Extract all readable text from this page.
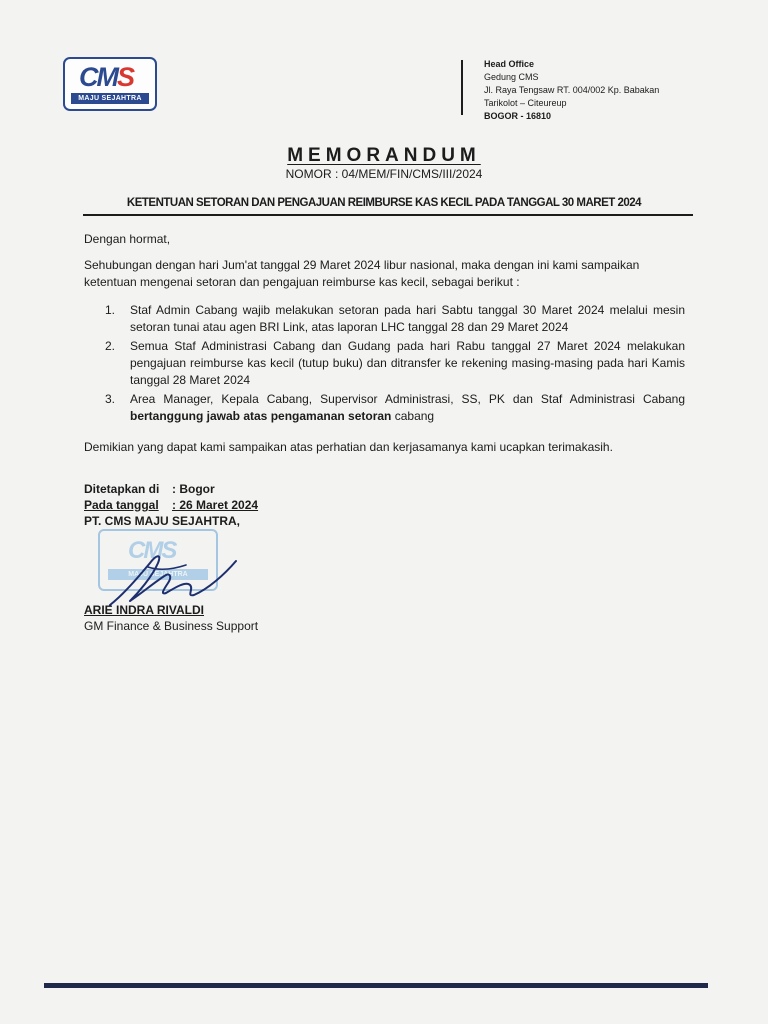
CMS
MAJU SEJAHTRA
Head Office
Gedung CMS
Jl. Raya Tengsaw RT. 004/002 Kp. Babakan
Tarikolot – Citeureup
BOGOR - 16810
MEMORANDUM
NOMOR : 04/MEM/FIN/CMS/III/2024
KETENTUAN SETORAN DAN PENGAJUAN REIMBURSE KAS KECIL PADA TANGGAL 30 MARET 2024
Dengan hormat,
Sehubungan dengan hari Jum'at tanggal 29 Maret 2024 libur nasional, maka dengan ini kami sampaikan ketentuan mengenai setoran dan pengajuan reimburse kas kecil, sebagai berikut :
1. Staf Admin Cabang wajib melakukan setoran pada hari Sabtu tanggal 30 Maret 2024 melalui mesin setoran tunai atau agen BRI Link, atas laporan LHC tanggal 28 dan 29 Maret 2024
2. Semua Staf Administrasi Cabang dan Gudang pada hari Rabu tanggal 27 Maret 2024 melakukan pengajuan reimburse kas kecil (tutup buku) dan ditransfer ke rekening masing-masing pada hari Kamis tanggal 28 Maret 2024
3. Area Manager, Kepala Cabang, Supervisor Administrasi, SS, PK dan Staf Administrasi Cabang bertanggung jawab atas pengamanan setoran cabang
Demikian yang dapat kami sampaikan atas perhatian dan kerjasamanya kami ucapkan terimakasih.
Ditetapkan di : Bogor
Pada tanggal : 26 Maret 2024
PT. CMS MAJU SEJAHTRA,
CMS
MAJU SEJAHTRA
ARIE INDRA RIVALDI
GM Finance & Business Support
